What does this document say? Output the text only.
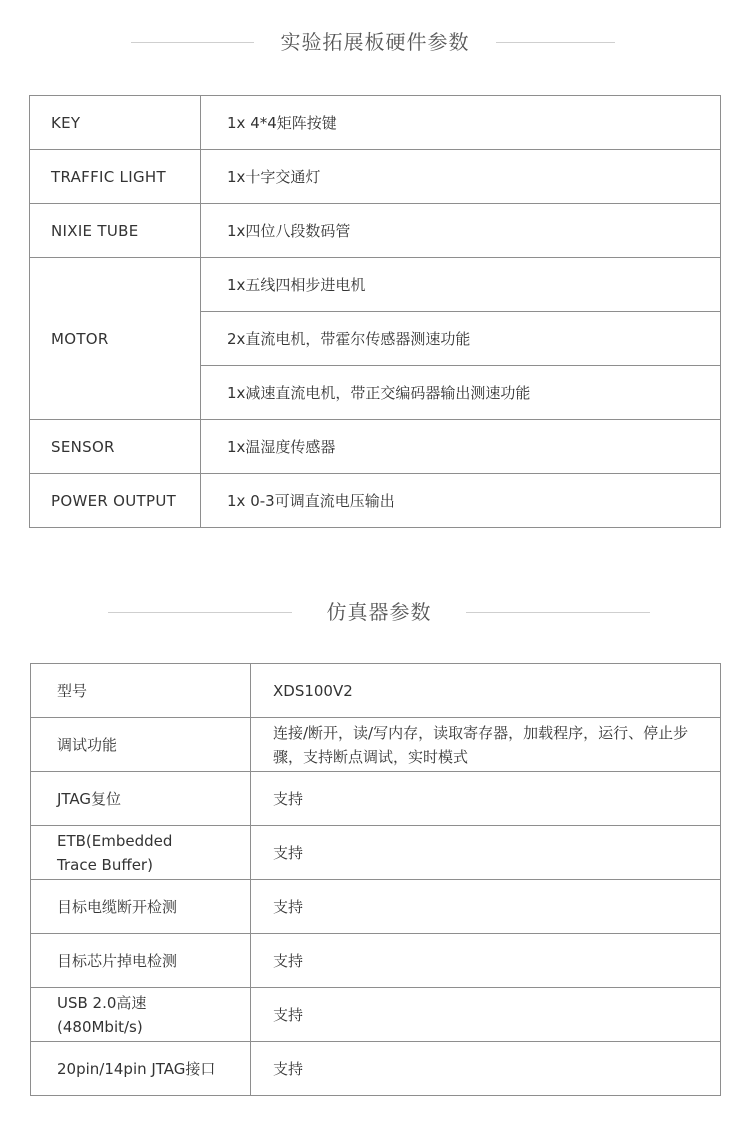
实验拓展板硬件参数
KEY	1x 4*4矩阵按键
TRAFFIC LIGHT	1x十字交通灯
NIXIE TUBE	1x四位八段数码管
MOTOR	1x五线四相步进电机
	2x直流电机，带霍尔传感器测速功能
	1x减速直流电机，带正交编码器输出测速功能
SENSOR	1x温湿度传感器
POWER OUTPUT	1x 0-3可调直流电压输出
仿真器参数
型号	XDS100V2
调试功能	连接/断开，读/写内存，读取寄存器，加载程序，运行、停止步骤，支持断点调试，实时模式
JTAG复位	支持
ETB(Embedded Trace Buffer)	支持
目标电缆断开检测	支持
目标芯片掉电检测	支持
USB 2.0高速(480Mbit/s)	支持
20pin/14pin JTAG接口	支持
